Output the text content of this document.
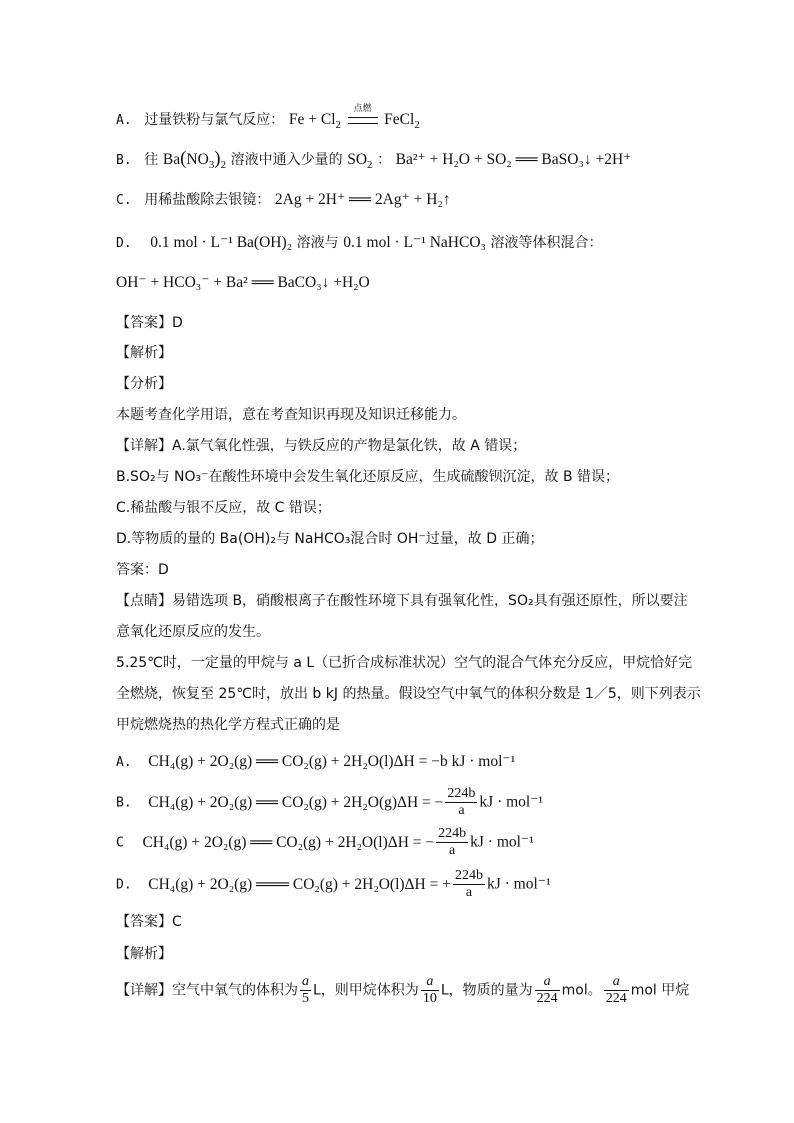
A. 过量铁粉与氯气反应： $Fe + Cl_2$
点燃
FeCl$_2$
B. 往 $Ba(NO_3)_2$ 溶液中通入少量的 $SO_2$ ： Ba²⁺ + H₂O + SO₂ ══ BaSO₃↓ +2H⁺
C. 用稀盐酸除去银镜： 2Ag + 2H⁺ ══ 2Ag⁺ + H₂↑
D. 0.1 mol · L⁻¹ Ba(OH)₂ 溶液与 0.1 mol · L⁻¹ NaHCO₃ 溶液等体积混合：
OH⁻ + HCO₃⁻ + Ba² ══ BaCO₃↓ +H₂O
【答案】D
【解析】
【分析】
本题考查化学用语，意在考查知识再现及知识迁移能力。
【详解】A.氯气氧化性强，与铁反应的产物是氯化铁，故 A 错误；
B.SO₂与 NO₃⁻在酸性环境中会发生氧化还原反应，生成硫酸钡沉淀，故 B 错误；
C.稀盐酸与银不反应，故 C 错误；
D.等物质的量的 Ba(OH)₂与 NaHCO₃混合时 OH⁻过量，故 D 正确；
答案：D
【点睛】易错选项 B，硝酸根离子在酸性环境下具有强氧化性，SO₂具有强还原性，所以要注
意氧化还原反应的发生。
5.25℃时，一定量的甲烷与 a L（已折合成标准状况）空气的混合气体充分反应，甲烷恰好完
全燃烧，恢复至 25℃时，放出 b kJ 的热量。假设空气中氧气的体积分数是 1／5，则下列表示
甲烷燃烧热的热化学方程式正确的是
A. CH₄(g) + 2O₂(g) ══ CO₂(g) + 2H₂O(l)ΔH = −b kJ · mol⁻¹
B. CH₄(g) + 2O₂(g) ══ CO₂(g) + 2H₂O(g)ΔH = − $\frac{224b}{a}$ kJ · mol⁻¹
C CH₄(g) + 2O₂(g) ══ CO₂(g) + 2H₂O(l)ΔH = − $\frac{224b}{a}$ kJ · mol⁻¹
D. CH₄(g) + 2O₂(g) ═══ CO₂(g) + 2H₂O(l)ΔH = + $\frac{224b}{a}$ kJ · mol⁻¹
【答案】C
【解析】
【详解】空气中氧气的体积为 $\frac{a}{5}$ L，则甲烷体积为 $\frac{a}{10}$ L，物质的量为 $\frac{a}{224}$ mol。 $\frac{a}{224}$ mol 甲烷
